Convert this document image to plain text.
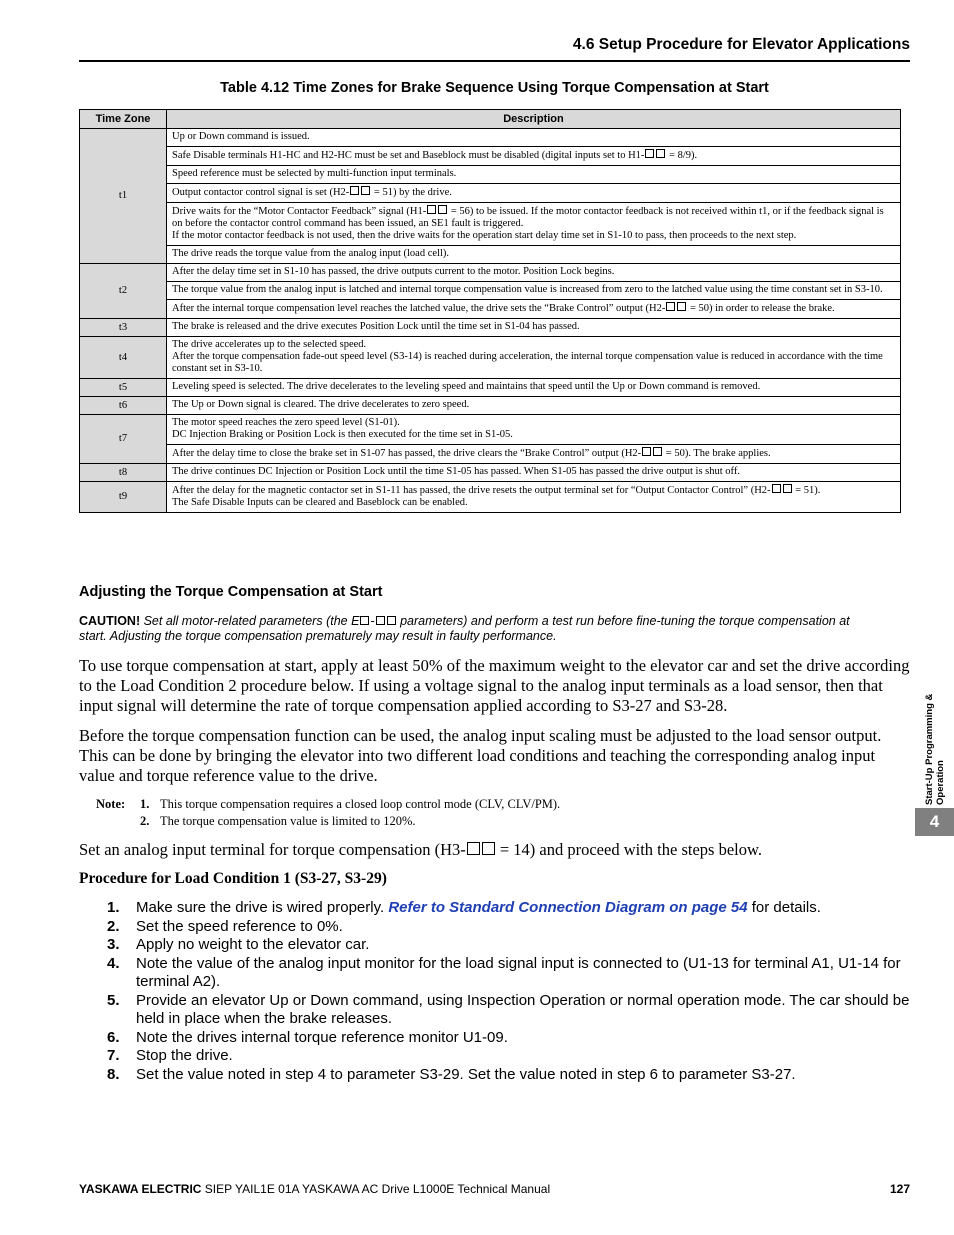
4.6 Setup Procedure for Elevator Applications
Table 4.12 Time Zones for Brake Sequence Using Torque Compensation at Start
Time Zone	Description
t1	Up or Down command is issued.
	Safe Disable terminals H1-HC and H2-HC must be set and Baseblock must be disabled (digital inputs set to H1- = 8/9).
	Speed reference must be selected by multi-function input terminals.
	Output contactor control signal is set (H2- = 51) by the drive.
	Drive waits for the “Motor Contactor Feedback” signal (H1- = 56) to be issued. If the motor contactor feedback is not received within t1, or if the feedback signal is on before the contactor control command has been issued, an SE1 fault is triggered.
If the motor contactor feedback is not used, then the drive waits for the operation start delay time set in S1-10 to pass, then proceeds to the next step.
	The drive reads the torque value from the analog input (load cell).
t2	After the delay time set in S1-10 has passed, the drive outputs current to the motor. Position Lock begins.
	The torque value from the analog input is latched and internal torque compensation value is increased from zero to the latched value using the time constant set in S3-10.
	After the internal torque compensation level reaches the latched value, the drive sets the “Brake Control” output (H2- = 50) in order to release the brake.
t3	The brake is released and the drive executes Position Lock until the time set in S1-04 has passed.
t4	The drive accelerates up to the selected speed.
After the torque compensation fade-out speed level (S3-14) is reached during acceleration, the internal torque compensation value is reduced in accordance with the time constant set in S3-10.
t5	Leveling speed is selected. The drive decelerates to the leveling speed and maintains that speed until the Up or Down command is removed.
t6	The Up or Down signal is cleared. The drive decelerates to zero speed.
t7	The motor speed reaches the zero speed level (S1-01).
DC Injection Braking or Position Lock is then executed for the time set in S1-05.
	After the delay time to close the brake set in S1-07 has passed, the drive clears the “Brake Control” output (H2- = 50). The brake applies.
t8	The drive continues DC Injection or Position Lock until the time S1-05 has passed. When S1-05 has passed the drive output is shut off.
t9	After the delay for the magnetic contactor set in S1-11 has passed, the drive resets the output terminal set for “Output Contactor Control” (H2- = 51).
The Safe Disable Inputs can be cleared and Baseblock can be enabled.
Adjusting the Torque Compensation at Start
CAUTION! Set all motor-related parameters (the E - parameters) and perform a test run before fine-tuning the torque compensation at start. Adjusting the torque compensation prematurely may result in faulty performance.
To use torque compensation at start, apply at least 50% of the maximum weight to the elevator car and set the drive according to the Load Condition 2 procedure below. If using a voltage signal to the analog input terminals as a load sensor, then that input signal will determine the rate of torque compensation applied according to S3-27 and S3-28.
Before the torque compensation function can be used, the analog input scaling must be adjusted to the load sensor output. This can be done by bringing the elevator into two different load conditions and teaching the corresponding analog input value and torque reference value to the drive.
Note: 1. This torque compensation requires a closed loop control mode (CLV, CLV/PM).
2. The torque compensation value is limited to 120%.
Set an analog input terminal for torque compensation (H3- = 14) and proceed with the steps below.
Procedure for Load Condition 1 (S3-27, S3-29)
1. Make sure the drive is wired properly. Refer to Standard Connection Diagram on page 54 for details.
2. Set the speed reference to 0%.
3. Apply no weight to the elevator car.
4. Note the value of the analog input monitor for the load signal input is connected to (U1-13 for terminal A1, U1-14 for terminal A2).
5. Provide an elevator Up or Down command, using Inspection Operation or normal operation mode. The car should be held in place when the brake releases.
6. Note the drives internal torque reference monitor U1-09.
7. Stop the drive.
8. Set the value noted in step 4 to parameter S3-29. Set the value noted in step 6 to parameter S3-27.
Start-Up Programming & Operation
4
YASKAWA ELECTRIC SIEP YAIL1E 01A YASKAWA AC Drive L1000E Technical Manual	127
